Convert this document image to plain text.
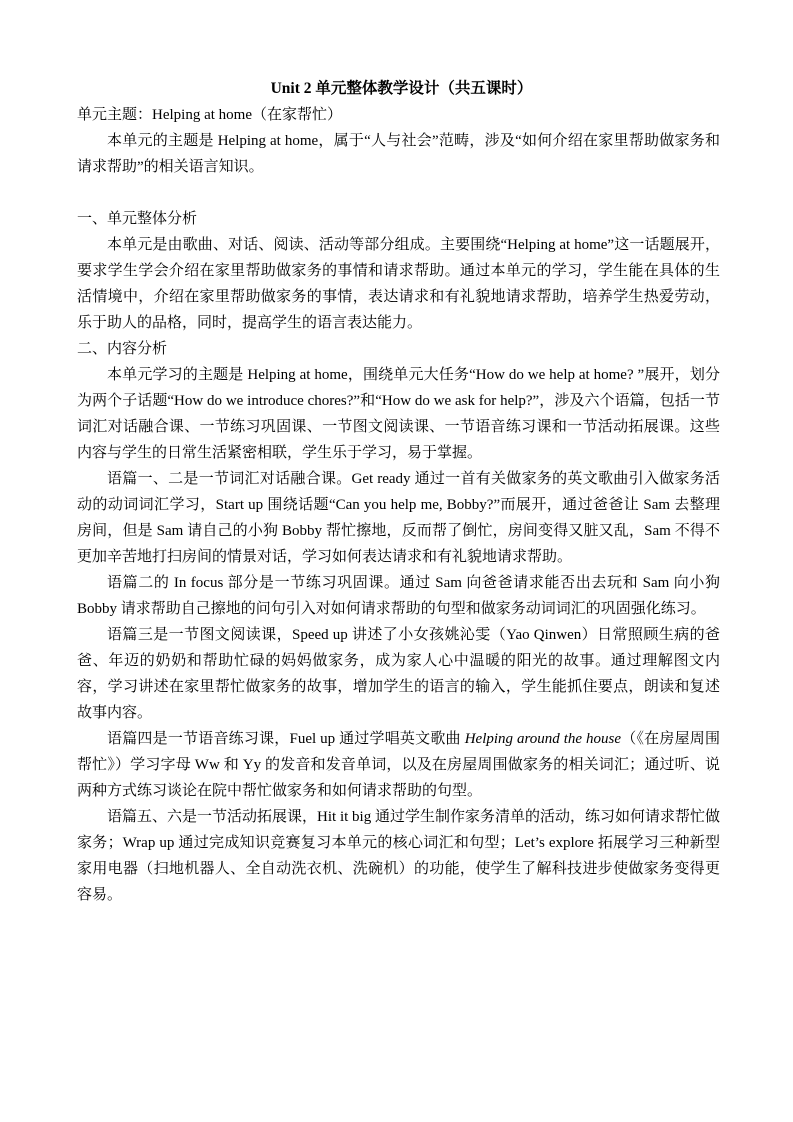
Unit 2 单元整体教学设计（共五课时）

单元主题：Helping at home（在家帮忙）

本单元的主题是 Helping at home，属于“人与社会”范畴，涉及“如何介绍在家里帮助做家务和请求帮助”的相关语言知识。

一、单元整体分析

本单元是由歌曲、对话、阅读、活动等部分组成。主要围绕“Helping at home”这一话题展开，要求学生学会介绍在家里帮助做家务的事情和请求帮助。通过本单元的学习，学生能在具体的生活情境中，介绍在家里帮助做家务的事情，表达请求和有礼貌地请求帮助，培养学生热爱劳动，乐于助人的品格，同时，提高学生的语言表达能力。

二、内容分析

本单元学习的主题是 Helping at home，围绕单元大任务“How do we help at home? ”展开，划分为两个子话题“How do we introduce chores?”和“How do we ask for help?”，涉及六个语篇，包括一节词汇对话融合课、一节练习巩固课、一节图文阅读课、一节语音练习课和一节活动拓展课。这些内容与学生的日常生活紧密相联，学生乐于学习，易于掌握。

语篇一、二是一节词汇对话融合课。Get ready 通过一首有关做家务的英文歌曲引入做家务活动的动词词汇学习，Start up 围绕话题“Can you help me, Bobby?”而展开，通过爸爸让 Sam 去整理房间，但是 Sam 请自己的小狗 Bobby 帮忙擦地，反而帮了倒忙，房间变得又脏又乱，Sam 不得不更加辛苦地打扫房间的情景对话，学习如何表达请求和有礼貌地请求帮助。

语篇二的 In focus 部分是一节练习巩固课。通过 Sam 向爸爸请求能否出去玩和 Sam 向小狗 Bobby 请求帮助自己擦地的问句引入对如何请求帮助的句型和做家务动词词汇的巩固强化练习。

语篇三是一节图文阅读课，Speed up 讲述了小女孩姚沁雯（Yao Qinwen）日常照顾生病的爸爸、年迈的奶奶和帮助忙碌的妈妈做家务，成为家人心中温暖的阳光的故事。通过理解图文内容，学习讲述在家里帮忙做家务的故事，增加学生的语言的输入，学生能抓住要点，朗读和复述故事内容。

语篇四是一节语音练习课，Fuel up 通过学唱英文歌曲 Helping around the house（《在房屋周围帮忙》）学习字母 Ww 和 Yy 的发音和发音单词，以及在房屋周围做家务的相关词汇；通过听、说两种方式练习谈论在院中帮忙做家务和如何请求帮助的句型。

语篇五、六是一节活动拓展课，Hit it big 通过学生制作家务清单的活动，练习如何请求帮忙做家务；Wrap up 通过完成知识竞赛复习本单元的核心词汇和句型；Let’s explore 拓展学习三种新型家用电器（扫地机器人、全自动洗衣机、洗碗机）的功能，使学生了解科技进步使做家务变得更容易。
